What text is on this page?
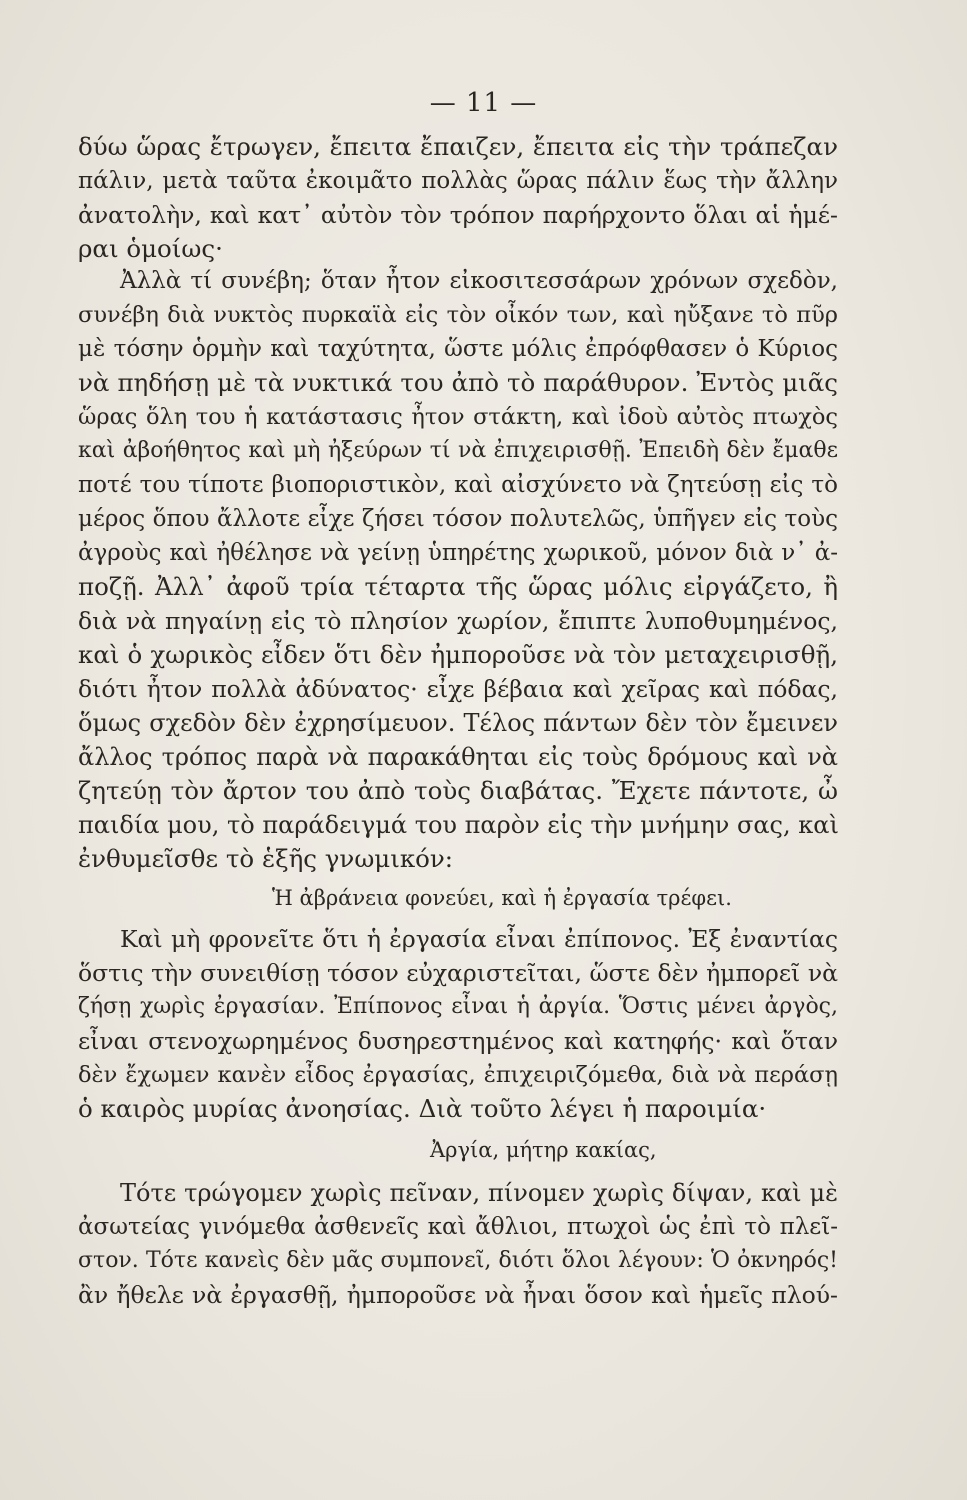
— 11 —
δύω ὥρας ἔτρωγεν, ἔπειτα ἔπαιζεν, ἔπειτα εἰς τὴν τράπεζαν
πάλιν, μετὰ ταῦτα ἐκοιμᾶτο πολλὰς ὥρας πάλιν ἕως τὴν ἄλλην
ἀνατολὴν, καὶ κατ᾽ αὐτὸν τὸν τρόπον παρήρχοντο ὅλαι αἱ ἡμέ-
ραι ὁμοίως·
Ἀλλὰ τί συνέβη; ὅταν ἦτον εἰκοσιτεσσάρων χρόνων σχεδὸν,
συνέβη διὰ νυκτὸς πυρκαϊὰ εἰς τὸν οἶκόν των, καὶ ηὔξανε τὸ πῦρ
μὲ τόσην ὁρμὴν καὶ ταχύτητα, ὥστε μόλις ἐπρόφθασεν ὁ Κύριος
νὰ πηδήσῃ μὲ τὰ νυκτικά του ἀπὸ τὸ παράθυρον. Ἐντὸς μιᾶς
ὥρας ὅλη του ἡ κατάστασις ἦτον στάκτη, καὶ ἰδοὺ αὐτὸς πτωχὸς
καὶ ἀβοήθητος καὶ μὴ ἠξεύρων τί νὰ ἐπιχειρισθῇ. Ἐπειδὴ δὲν ἔμαθε
ποτέ του τίποτε βιοποριστικὸν, καὶ αἰσχύνετο νὰ ζητεύσῃ εἰς τὸ
μέρος ὅπου ἄλλοτε εἶχε ζήσει τόσον πολυτελῶς, ὑπῆγεν εἰς τοὺς
ἀγροὺς καὶ ἠθέλησε νὰ γείνῃ ὑπηρέτης χωρικοῦ, μόνον διὰ ν᾽ ἀ-
ποζῇ. Ἀλλ᾽ ἀφοῦ τρία τέταρτα τῆς ὥρας μόλις εἰργάζετο, ἢ
διὰ νὰ πηγαίνῃ εἰς τὸ πλησίον χωρίον, ἔπιπτε λυποθυμημένος,
καὶ ὁ χωρικὸς εἶδεν ὅτι δὲν ἠμποροῦσε νὰ τὸν μεταχειρισθῇ,
διότι ἦτον πολλὰ ἀδύνατος· εἶχε βέβαια καὶ χεῖρας καὶ πόδας,
ὅμως σχεδὸν δὲν ἐχρησίμευον. Τέλος πάντων δὲν τὸν ἔμεινεν
ἄλλος τρόπος παρὰ νὰ παρακάθηται εἰς τοὺς δρόμους καὶ νὰ
ζητεύῃ τὸν ἄρτον του ἀπὸ τοὺς διαβάτας. Ἔχετε πάντοτε, ὦ
παιδία μου, τὸ παράδειγμά του παρὸν εἰς τὴν μνήμην σας, καὶ
ἐνθυμεῖσθε τὸ ἑξῆς γνωμικόν:
Ἡ ἀβράνεια φονεύει, καὶ ἡ ἐργασία τρέφει.
Καὶ μὴ φρονεῖτε ὅτι ἡ ἐργασία εἶναι ἐπίπονος. Ἐξ ἐναντίας
ὅστις τὴν συνειθίσῃ τόσον εὐχαριστεῖται, ὥστε δὲν ἠμπορεῖ νὰ
ζήσῃ χωρὶς ἐργασίαν. Ἐπίπονος εἶναι ἡ ἀργία. Ὅστις μένει ἀργὸς,
εἶναι στενοχωρημένος δυσηρεστημένος καὶ κατηφής· καὶ ὅταν
δὲν ἔχωμεν κανὲν εἶδος ἐργασίας, ἐπιχειριζόμεθα, διὰ νὰ περάσῃ
ὁ καιρὸς μυρίας ἀνοησίας. Διὰ τοῦτο λέγει ἡ παροιμία·
Ἀργία, μήτηρ κακίας,
Τότε τρώγομεν χωρὶς πεῖναν, πίνομεν χωρὶς δίψαν, καὶ μὲ
ἀσωτείας γινόμεθα ἀσθενεῖς καὶ ἄθλιοι, πτωχοὶ ὡς ἐπὶ τὸ πλεῖ-
στον. Τότε κανεὶς δὲν μᾶς συμπονεῖ, διότι ὅλοι λέγουν: Ὁ ὀκνηρός!
ἂν ἤθελε νὰ ἐργασθῇ, ἠμποροῦσε νὰ ἦναι ὅσον καὶ ἡμεῖς πλού-
